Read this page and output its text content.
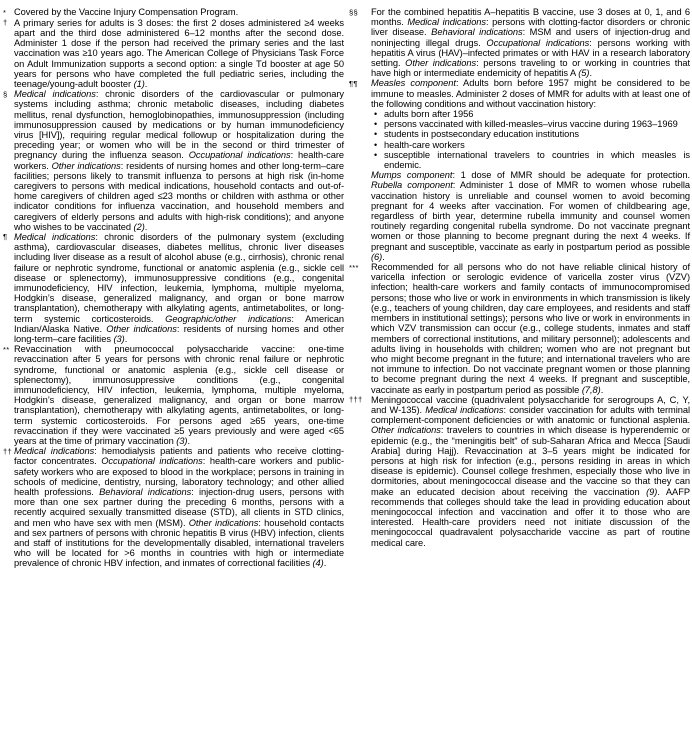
* Covered by the Vaccine Injury Compensation Program.
† A primary series for adults is 3 doses: the first 2 doses administered ≥4 weeks apart and the third dose administered 6–12 months after the second dose. Administer 1 dose if the person had received the primary series and the last vaccination was ≥10 years ago. The American College of Physicians Task Force on Adult Immunization supports a second option: a single Td booster at age 50 years for persons who have completed the full pediatric series, including the teenage/young-adult booster (1).
§ Medical indications: chronic disorders of the cardiovascular or pulmonary systems including asthma; chronic metabolic diseases, including diabetes mellitus, renal dysfunction, hemoglobinopathies, immunosuppression (including immunosuppression caused by medications or by human immunodeficiency virus [HIV]), requiring regular medical followup or hospitalization during the preceding year; or women who will be in the second or third trimester of pregnancy during the influenza season. Occupational indications: health-care workers. Other indications: residents of nursing homes and other long-term–care facilities; persons likely to transmit influenza to persons at high risk (in-home caregivers to persons with medical indications, household contacts and out-of-home caregivers of children aged ≤23 months or children with asthma or other indicator conditions for influenza vaccination, and household members and caregivers of elderly persons and adults with high-risk conditions); and anyone who wishes to be vaccinated (2).
¶ Medical indications: chronic disorders of the pulmonary system (excluding asthma), cardiovascular diseases, diabetes mellitus, chronic liver diseases including liver disease as a result of alcohol abuse (e.g., cirrhosis), chronic renal failure or nephrotic syndrome, functional or anatomic asplenia (e.g., sickle cell disease or splenectomy), immunosuppressive conditions (e.g., congenital immunodeficiency, HIV infection, leukemia, lymphoma, multiple myeloma, Hodgkin’s disease, generalized malignancy, and organ or bone marrow transplantation), chemotherapy with alkylating agents, antimetabolites, or long-term systemic corticosteroids. Geographic/other indications: American Indian/Alaska Native. Other indications: residents of nursing homes and other long-term–care facilities (3).
** Revaccination with pneumococcal polysaccharide vaccine: one-time revaccination after 5 years for persons with chronic renal failure or nephrotic syndrome, functional or anatomic asplenia (e.g., sickle cell disease or splenectomy), immunosuppressive conditions (e.g., congenital immunodeficiency, HIV infection, leukemia, lymphoma, multiple myeloma, Hodgkin’s disease, generalized malignancy, and organ or bone marrow transplantation), chemotherapy with alkylating agents, antimetabolites, or long-term systemic corticosteroids. For persons aged ≥65 years, one-time revaccination if they were vaccinated ≥5 years previously and were aged <65 years at the time of primary vaccination (3).
†† Medical indications: hemodialysis patients and patients who receive clotting-factor concentrates. Occupational indications: health-care workers and public-safety workers who are exposed to blood in the workplace; persons in training in schools of medicine, dentistry, nursing, laboratory technology; and other allied health professions. Behavioral indications: injection-drug users, persons with more than one sex partner during the preceding 6 months, persons with a recently acquired sexually transmitted disease (STD), all clients in STD clinics, and men who have sex with men (MSM). Other indications: household contacts and sex partners of persons with chronic hepatitis B virus (HBV) infection, clients and staff of institutions for the developmentally disabled, international travelers who will be located for >6 months in countries with high or intermediate prevalence of chronic HBV infection, and inmates of correctional facilities (4).
§§	For the combined hepatitis A–hepatitis B vaccine, use 3 doses at 0, 1, and 6 months. Medical indications: persons with clotting-factor disorders or chronic liver disease. Behavioral indications: MSM and users of injection-drug and noninjecting illegal drugs. Occupational indications: persons working with hepatitis A virus (HAV)–infected primates or with HAV in a research laboratory setting. Other indications: persons traveling to or working in countries that have high or intermediate endemicity of hepatitis A (5).
¶¶	Measles component: Adults born before 1957 might be considered to be immune to measles. Administer 2 doses of MMR for adults with at least one of the following conditions and without vaccination history:
• adults born after 1956
• persons vaccinated with killed-measles–virus vaccine during 1963–1969
• students in postsecondary education institutions
• health-care workers
• susceptible international travelers to countries in which measles is endemic.
Mumps component: 1 dose of MMR should be adequate for protection. Rubella component: Administer 1 dose of MMR to women whose rubella vaccination history is unreliable and counsel women to avoid becoming pregnant for 4 weeks after vaccination. For women of childbearing age, regardless of birth year, determine rubella immunity and counsel women routinely regarding congenital rubella syndrome. Do not vaccinate pregnant women or those planning to become pregnant during the next 4 weeks. If pregnant and susceptible, vaccinate as early in postpartum period as possible (6).
***	Recommended for all persons who do not have reliable clinical history of varicella infection or serologic evidence of varicella zoster virus (VZV) infection; health-care workers and family contacts of immunocompromised persons; those who live or work in environments in which transmission is likely (e.g., teachers of young children, day care employees, and residents and staff members in institutional settings); persons who live or work in environments in which VZV transmission can occur (e.g., college students, inmates and staff members of correctional institutions, and military personnel); adolescents and adults living in households with children; women who are not pregnant but who might become pregnant in the future; and international travelers who are not immune to infection. Do not vaccinate pregnant women or those planning to become pregnant during the next 4 weeks. If pregnant and susceptible, vaccinate as early in postpartum period as possible (7,8).
††† Meningococcal vaccine (quadrivalent polysaccharide for serogroups A, C, Y, and W-135). Medical indications: consider vaccination for adults with terminal complement-component deficiencies or with anatomic or functional asplenia. Other indications: travelers to countries in which disease is hyperendemic or epidemic (e.g., the “meningitis belt” of sub-Saharan Africa and Mecca [Saudi Arabia] during Hajj). Revaccination at 3–5 years might be indicated for persons at high risk for infection (e.g., persons residing in areas in which disease is epidemic). Counsel college freshmen, especially those who live in dormitories, about meningococcal disease and the vaccine so that they can make an educated decision about receiving the vaccination (9). AAFP recommends that colleges should take the lead in providing education about meningococcal infection and vaccination and offer it to those who are interested. Health-care providers need not initiate discussion of the meningococcal quadravalent polysaccharide vaccine as part of routine medical care.
